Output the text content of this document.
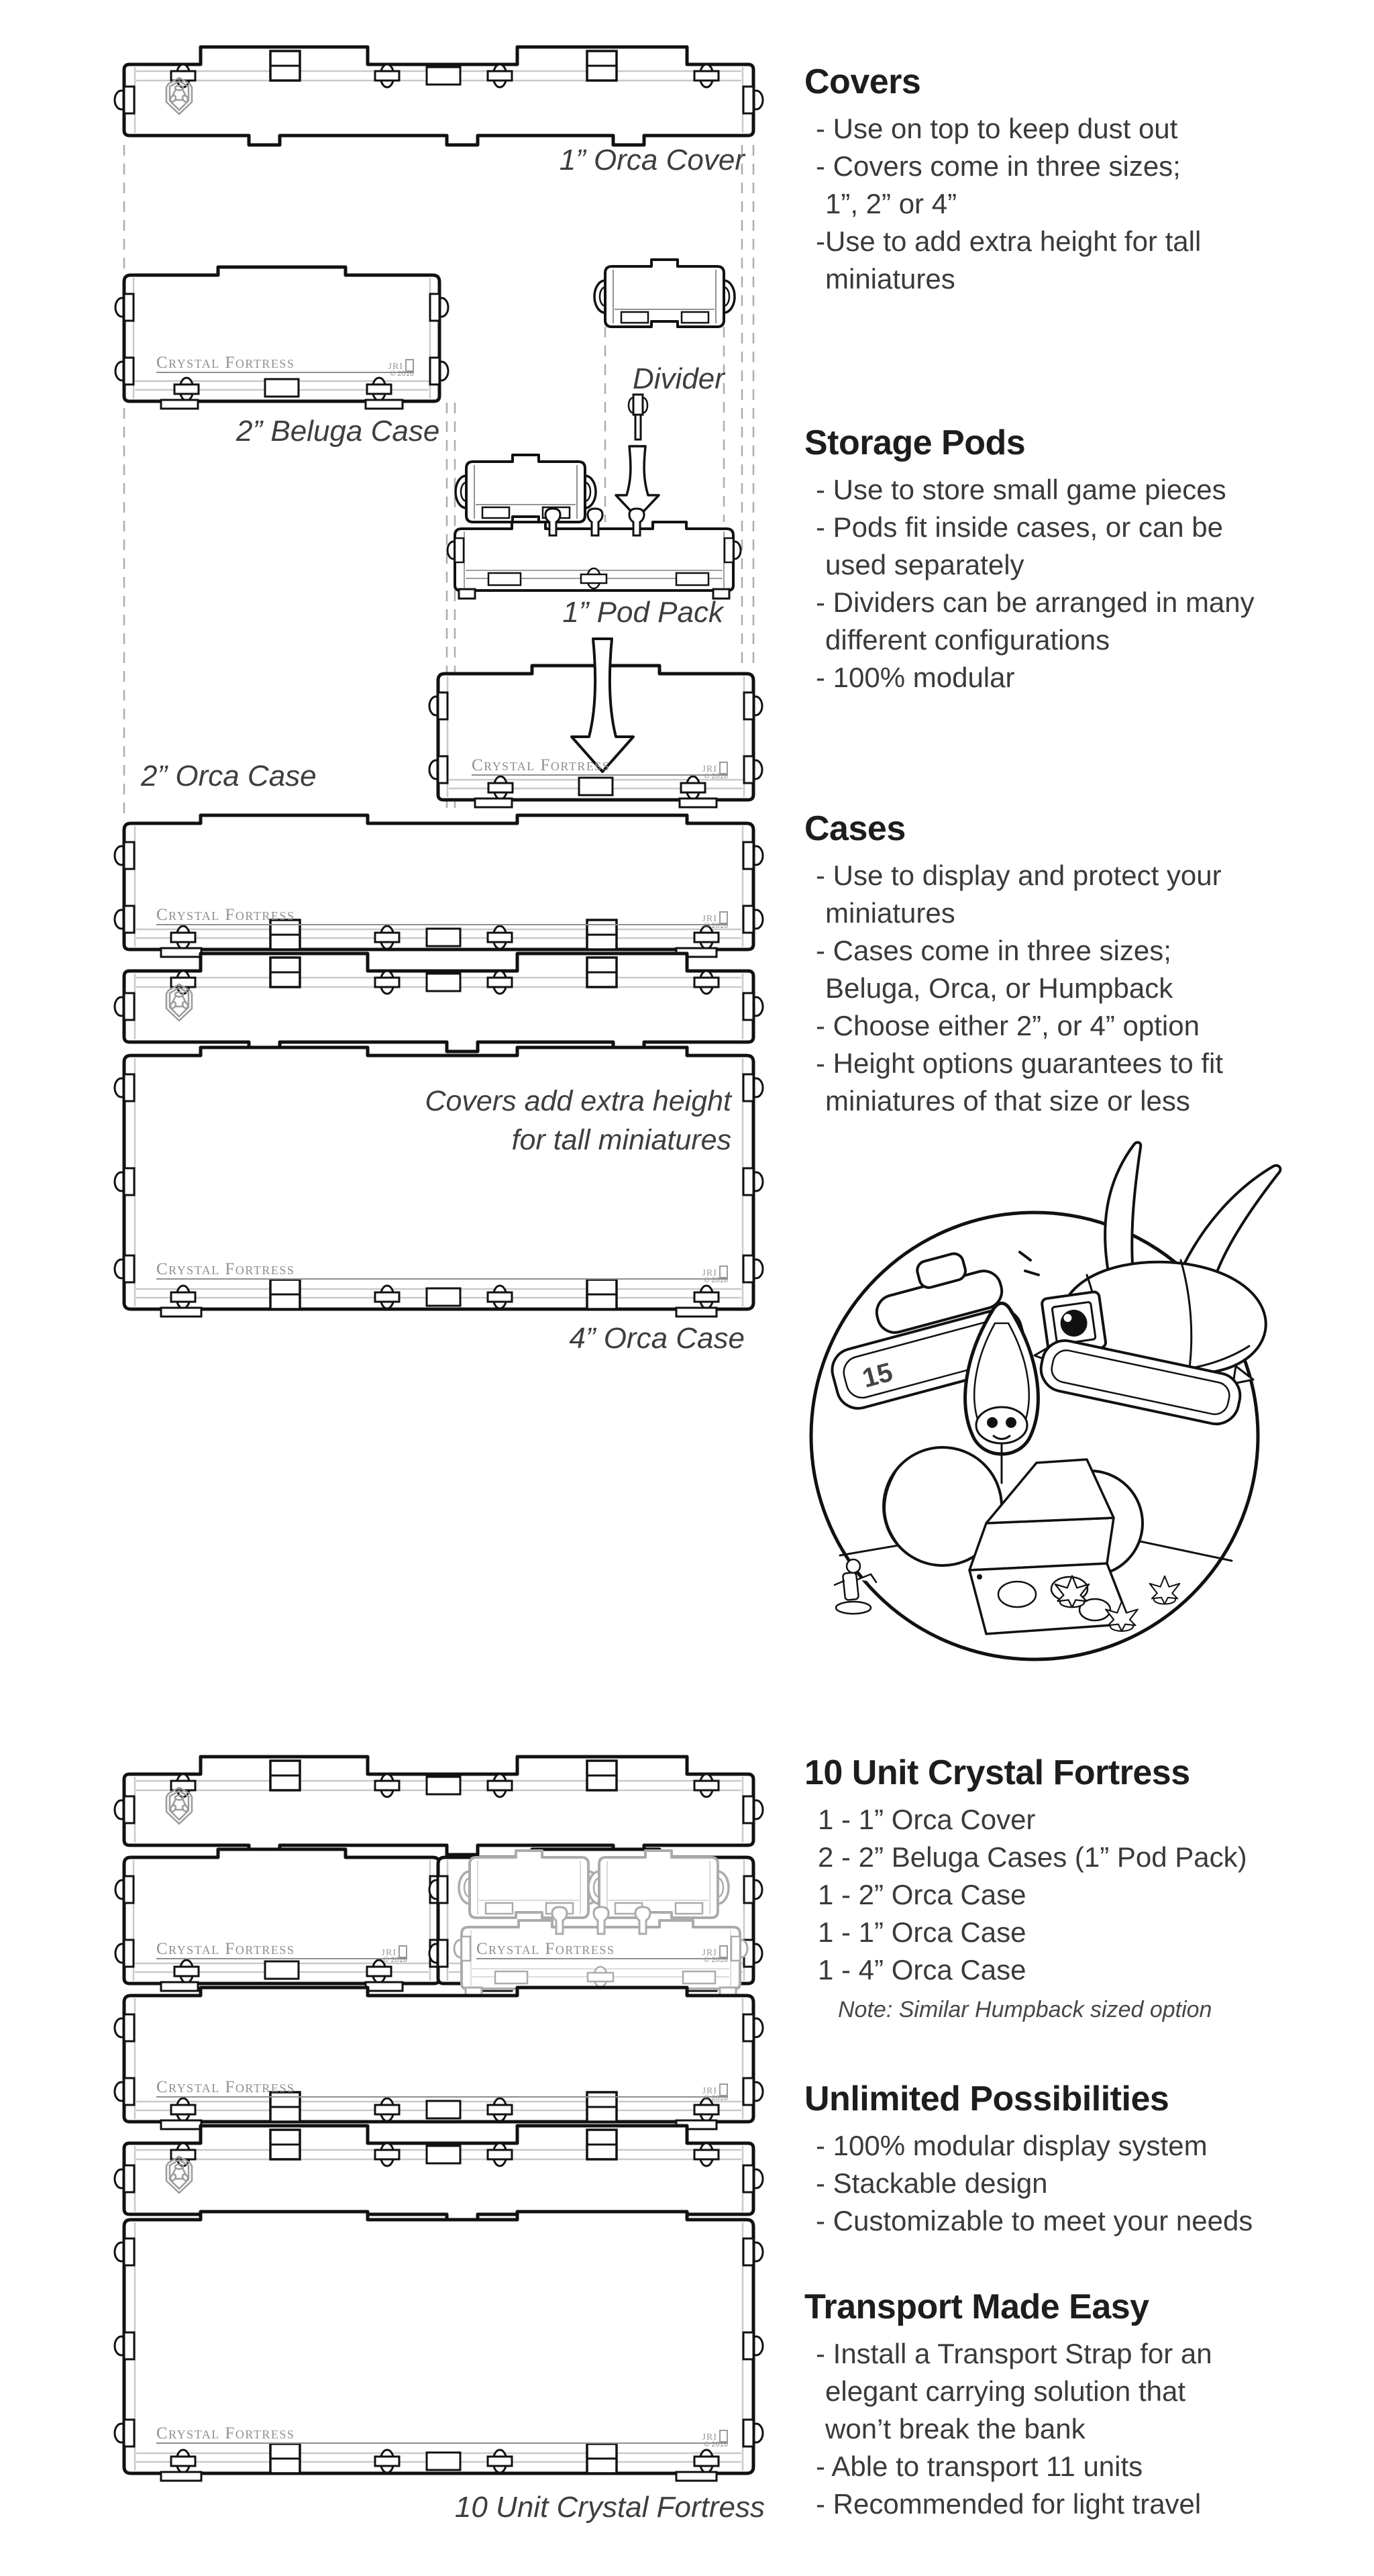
15
Crystal Fortress	JRI
© 2016
Crystal Fortress	JRI
© 2016
Crystal Fortress	JRI
© 2016
Crystal Fortress	JRI
© 2016
Crystal Fortress	JRI
© 2016
Crystal Fortress	JRI
© 2016
Crystal Fortress	JRI
© 2016
Crystal Fortress	JRI
© 2016
1” Orca Cover
2” Beluga Case
Divider
1” Pod Pack
2” Orca Case
Covers add extra height
for tall miniatures
4” Orca Case
10 Unit Crystal Fortress
Covers
- Use on top to keep dust out
- Covers come in three sizes;
1”, 2” or 4”
-Use to add extra height for tall
miniatures
Storage Pods
- Use to store small game pieces
- Pods fit inside cases, or can be
used separately
- Dividers can be arranged in many
different configurations
- 100% modular
Cases
- Use to display and protect your
miniatures
- Cases come in three sizes;
Beluga, Orca, or Humpback
- Choose either 2”, or 4” option
- Height options guarantees to fit
miniatures of that size or less
10 Unit Crystal Fortress
1 - 1” Orca Cover
2 - 2” Beluga Cases (1” Pod Pack)
1 - 2” Orca Case
1 - 1” Orca Case
1 - 4” Orca Case
Note: Similar Humpback sized option
Unlimited Possibilities
- 100% modular display system
- Stackable design
- Customizable to meet your needs
Transport Made Easy
- Install a Transport Strap for an
elegant carrying solution that
won’t break the bank
- Able to transport 11 units
- Recommended for light travel
